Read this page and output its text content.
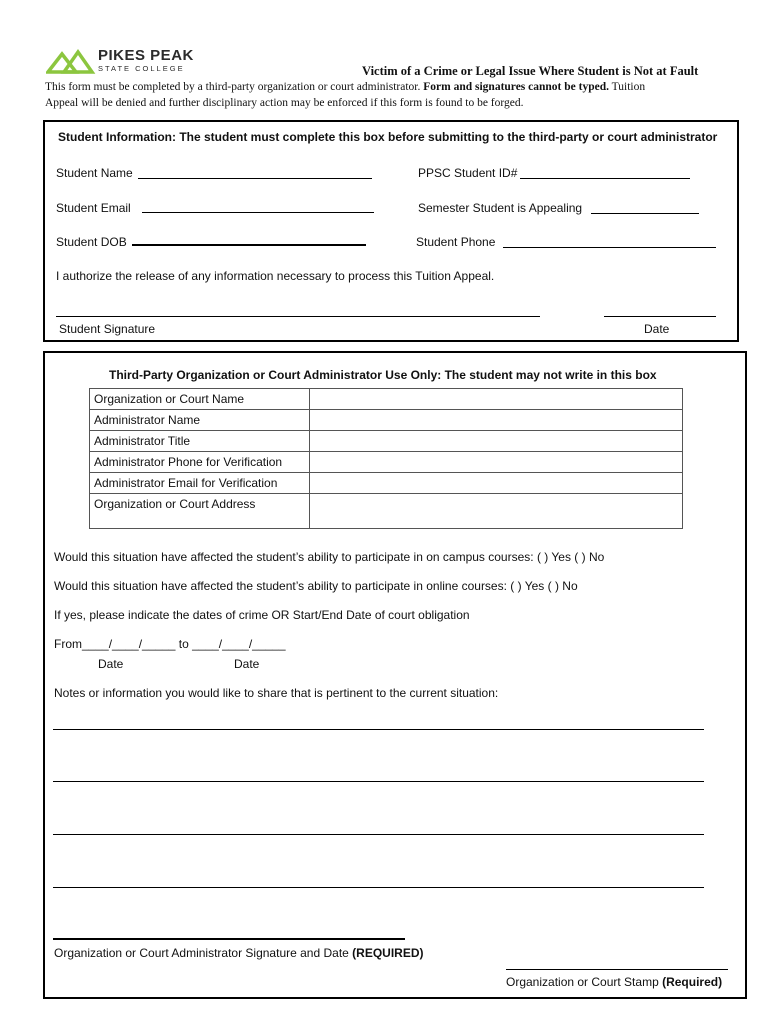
PIKES PEAK
STATE COLLEGE	Victim of a Crime or Legal Issue Where Student is Not at Fault
This form must be completed by a third-party organization or court administrator. Form and signatures cannot be typed. Tuition
Appeal will be denied and further disciplinary action may be enforced if this form is found to be forged.
Student Information: The student must complete this box before submitting to the third-party or court administrator
Student Name	PPSC Student ID#
Student Email	Semester Student is Appealing
Student DOB	Student Phone
I authorize the release of any information necessary to process this Tuition Appeal.
Student Signature	Date
Third-Party Organization or Court Administrator Use Only: The student may not write in this box
Organization or Court Name	
Administrator Name	
Administrator Title	
Administrator Phone for Verification	
Administrator Email for Verification	
Organization or Court Address	
Would this situation have affected the student’s ability to participate in on campus courses: ( ) Yes ( ) No
Would this situation have affected the student’s ability to participate in online courses: ( ) Yes ( ) No
If yes, please indicate the dates of crime OR Start/End Date of court obligation
From____/____/_____ to ____/____/_____
Date	Date
Notes or information you would like to share that is pertinent to the current situation:
Organization or Court Administrator Signature and Date (REQUIRED)
Organization or Court Stamp (Required)
